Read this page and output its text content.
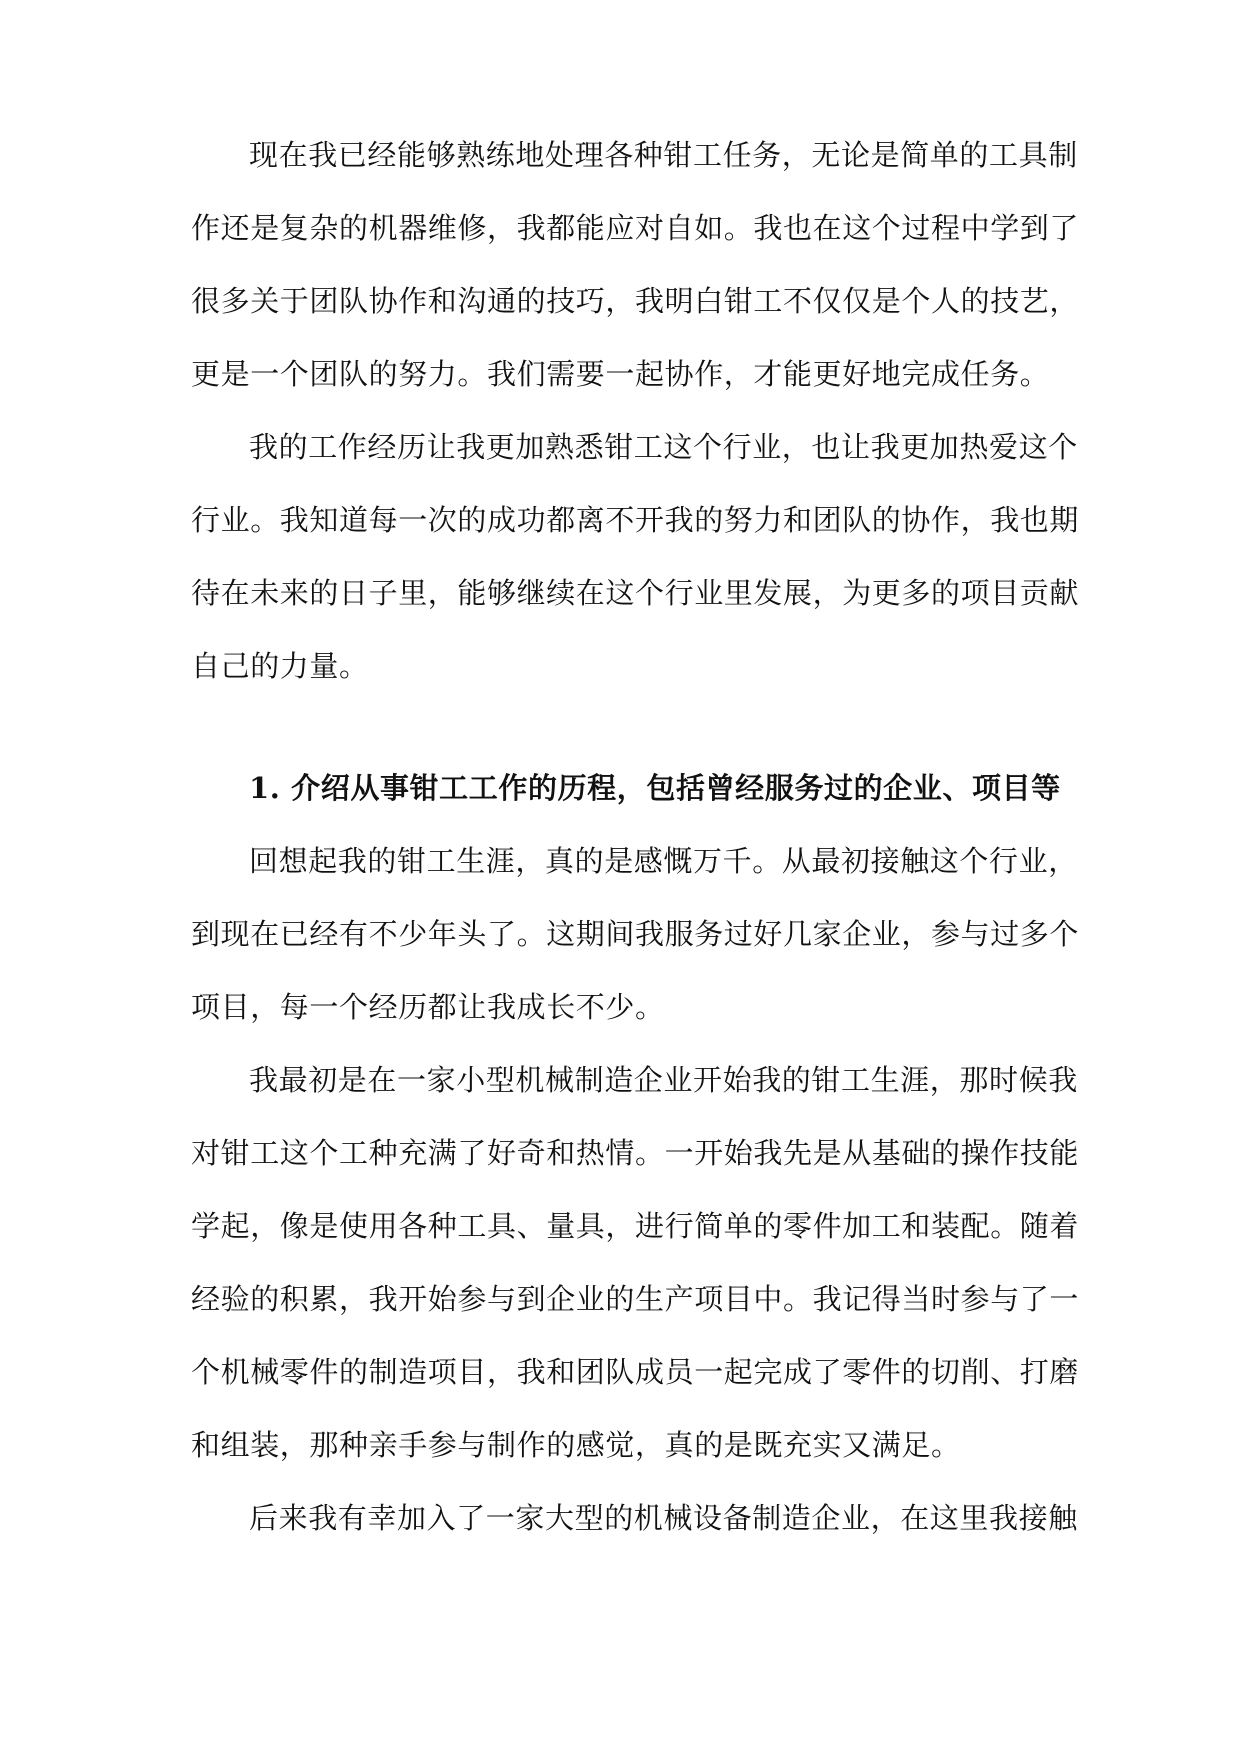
现在我已经能够熟练地处理各种钳工任务，无论是简单的工具制
作还是复杂的机器维修，我都能应对自如。我也在这个过程中学到了
很多关于团队协作和沟通的技巧，我明白钳工不仅仅是个人的技艺，
更是一个团队的努力。我们需要一起协作，才能更好地完成任务。
我的工作经历让我更加熟悉钳工这个行业，也让我更加热爱这个
行业。我知道每一次的成功都离不开我的努力和团队的协作，我也期
待在未来的日子里，能够继续在这个行业里发展，为更多的项目贡献
自己的力量。
1. 介绍从事钳工工作的历程，包括曾经服务过的企业、项目等
回想起我的钳工生涯，真的是感慨万千。从最初接触这个行业，
到现在已经有不少年头了。这期间我服务过好几家企业，参与过多个
项目，每一个经历都让我成长不少。
我最初是在一家小型机械制造企业开始我的钳工生涯，那时候我
对钳工这个工种充满了好奇和热情。一开始我先是从基础的操作技能
学起，像是使用各种工具、量具，进行简单的零件加工和装配。随着
经验的积累，我开始参与到企业的生产项目中。我记得当时参与了一
个机械零件的制造项目，我和团队成员一起完成了零件的切削、打磨
和组装，那种亲手参与制作的感觉，真的是既充实又满足。
后来我有幸加入了一家大型的机械设备制造企业，在这里我接触
